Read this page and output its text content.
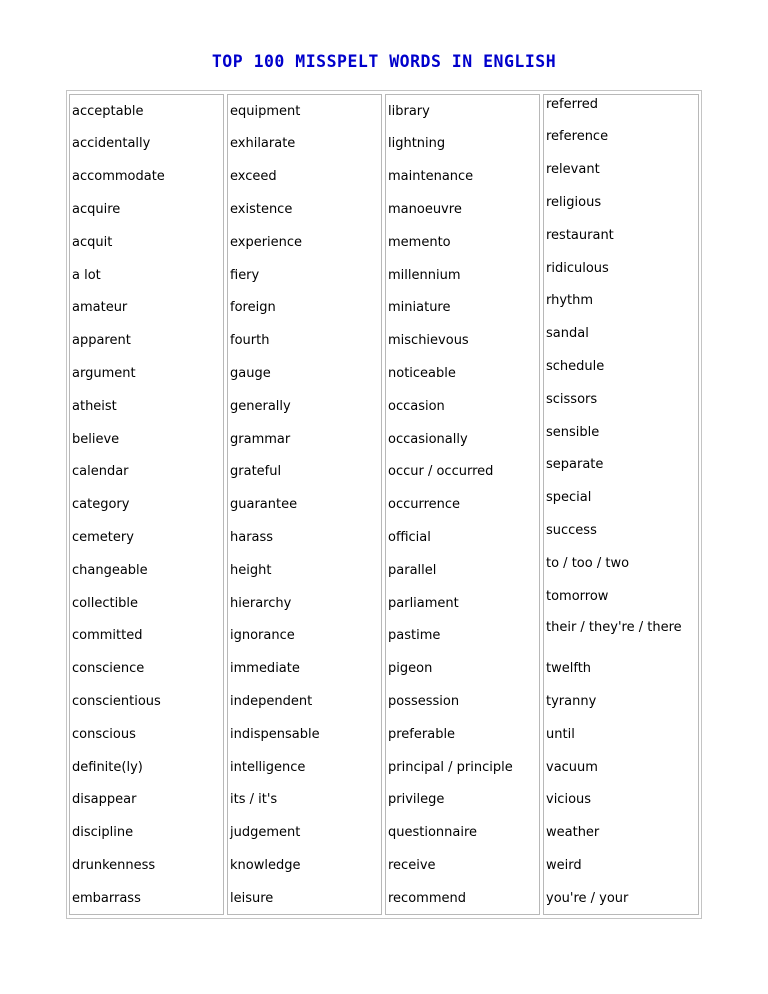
TOP 100 MISSPELT WORDS IN ENGLISH
acceptable
accidentally
accommodate
acquire
acquit
a lot
amateur
apparent
argument
atheist
believe
calendar
category
cemetery
changeable
collectible
committed
conscience
conscientious
conscious
definite(ly)
disappear
discipline
drunkenness
embarrass
equipment
exhilarate
exceed
existence
experience
fiery
foreign
fourth
gauge
generally
grammar
grateful
guarantee
harass
height
hierarchy
ignorance
immediate
independent
indispensable
intelligence
its / it's
judgement
knowledge
leisure
library
lightning
maintenance
manoeuvre
memento
millennium
miniature
mischievous
noticeable
occasion
occasionally
occur / occurred
occurrence
official
parallel
parliament
pastime
pigeon
possession
preferable
principal / principle
privilege
questionnaire
receive
recommend
referred
reference
relevant
religious
restaurant
ridiculous
rhythm
sandal
schedule
scissors
sensible
separate
special
success
to / too / two
tomorrow
their / they're / there
twelfth
tyranny
until
vacuum
vicious
weather
weird
you're / your
